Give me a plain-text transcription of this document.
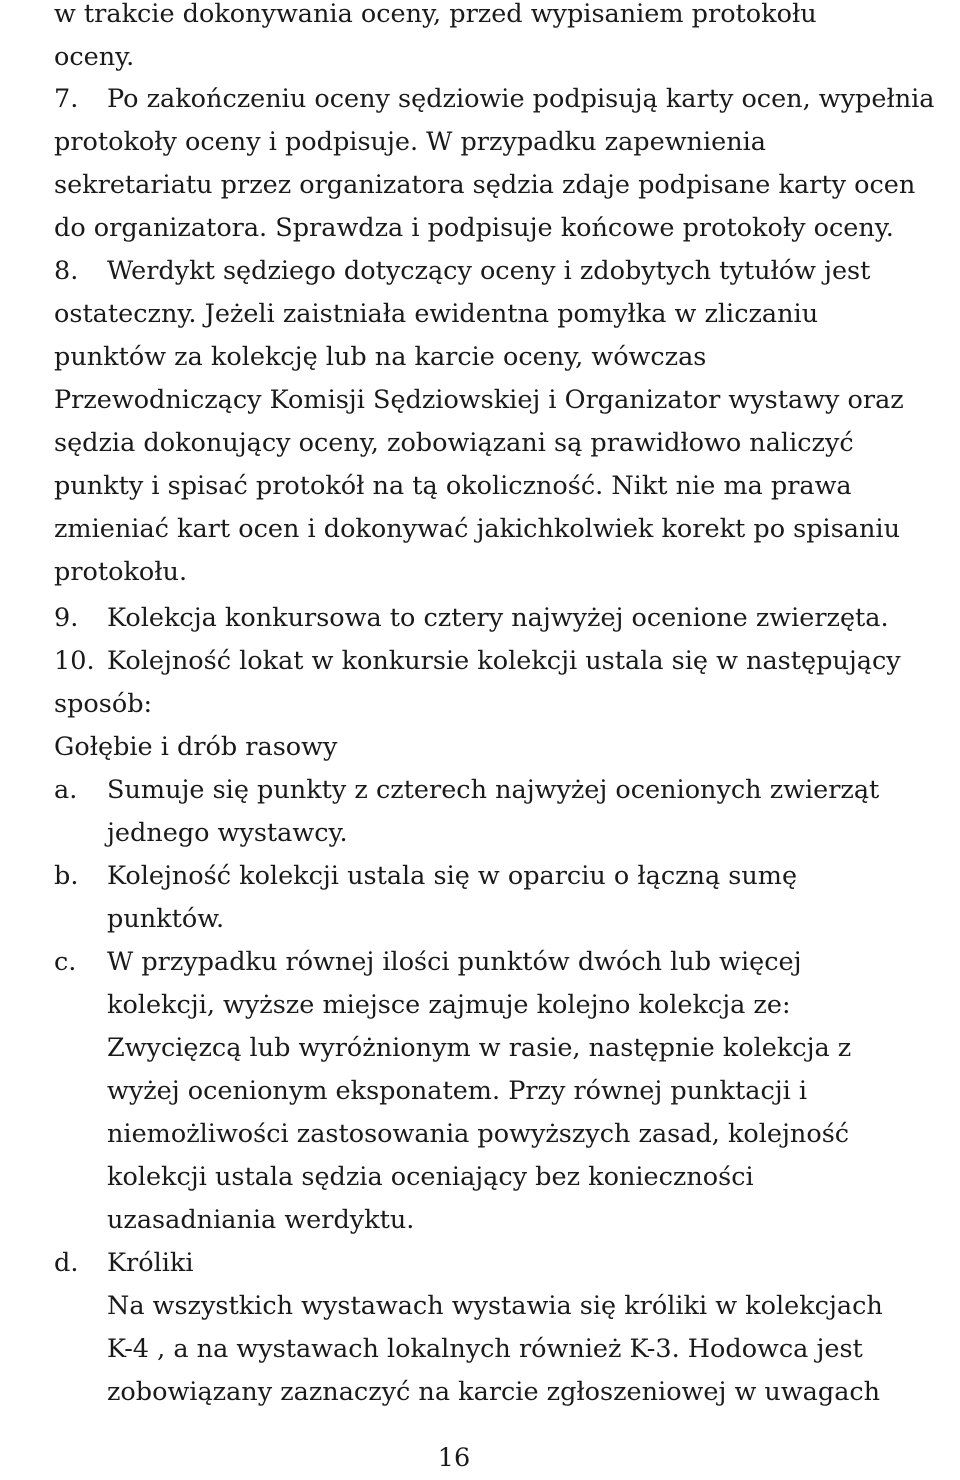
w trakcie dokonywania oceny, przed wypisaniem protokołu
oceny.
7. Po zakończeniu oceny sędziowie podpisują karty ocen, wypełnia
protokoły oceny i podpisuje. W przypadku zapewnienia
sekretariatu przez organizatora sędzia zdaje podpisane karty ocen
do organizatora. Sprawdza i podpisuje końcowe protokoły oceny.
8. Werdykt sędziego dotyczący oceny i zdobytych tytułów jest
ostateczny. Jeżeli zaistniała ewidentna pomyłka w zliczaniu
punktów za kolekcję lub na karcie oceny, wówczas
Przewodniczący Komisji Sędziowskiej i Organizator wystawy oraz
sędzia dokonujący oceny, zobowiązani są prawidłowo naliczyć
punkty i spisać protokół na tą okoliczność. Nikt nie ma prawa
zmieniać kart ocen i dokonywać jakichkolwiek korekt po spisaniu
protokołu.
9. Kolekcja konkursowa to cztery najwyżej ocenione zwierzęta.
10. Kolejność lokat w konkursie kolekcji ustala się w następujący
sposób:
Gołębie i drób rasowy
a. Sumuje się punkty z czterech najwyżej ocenionych zwierząt
jednego wystawcy.
b. Kolejność kolekcji ustala się w oparciu o łączną sumę
punktów.
c. W przypadku równej ilości punktów dwóch lub więcej
kolekcji, wyższe miejsce zajmuje kolejno kolekcja ze:
Zwycięzcą lub wyróżnionym w rasie, następnie kolekcja z
wyżej ocenionym eksponatem. Przy równej punktacji i
niemożliwości zastosowania powyższych zasad, kolejność
kolekcji ustala sędzia oceniający bez konieczności
uzasadniania werdyktu.
d. Króliki
Na wszystkich wystawach wystawia się króliki w kolekcjach
K-4 , a na wystawach lokalnych również K-3. Hodowca jest
zobowiązany zaznaczyć na karcie zgłoszeniowej w uwagach
16
